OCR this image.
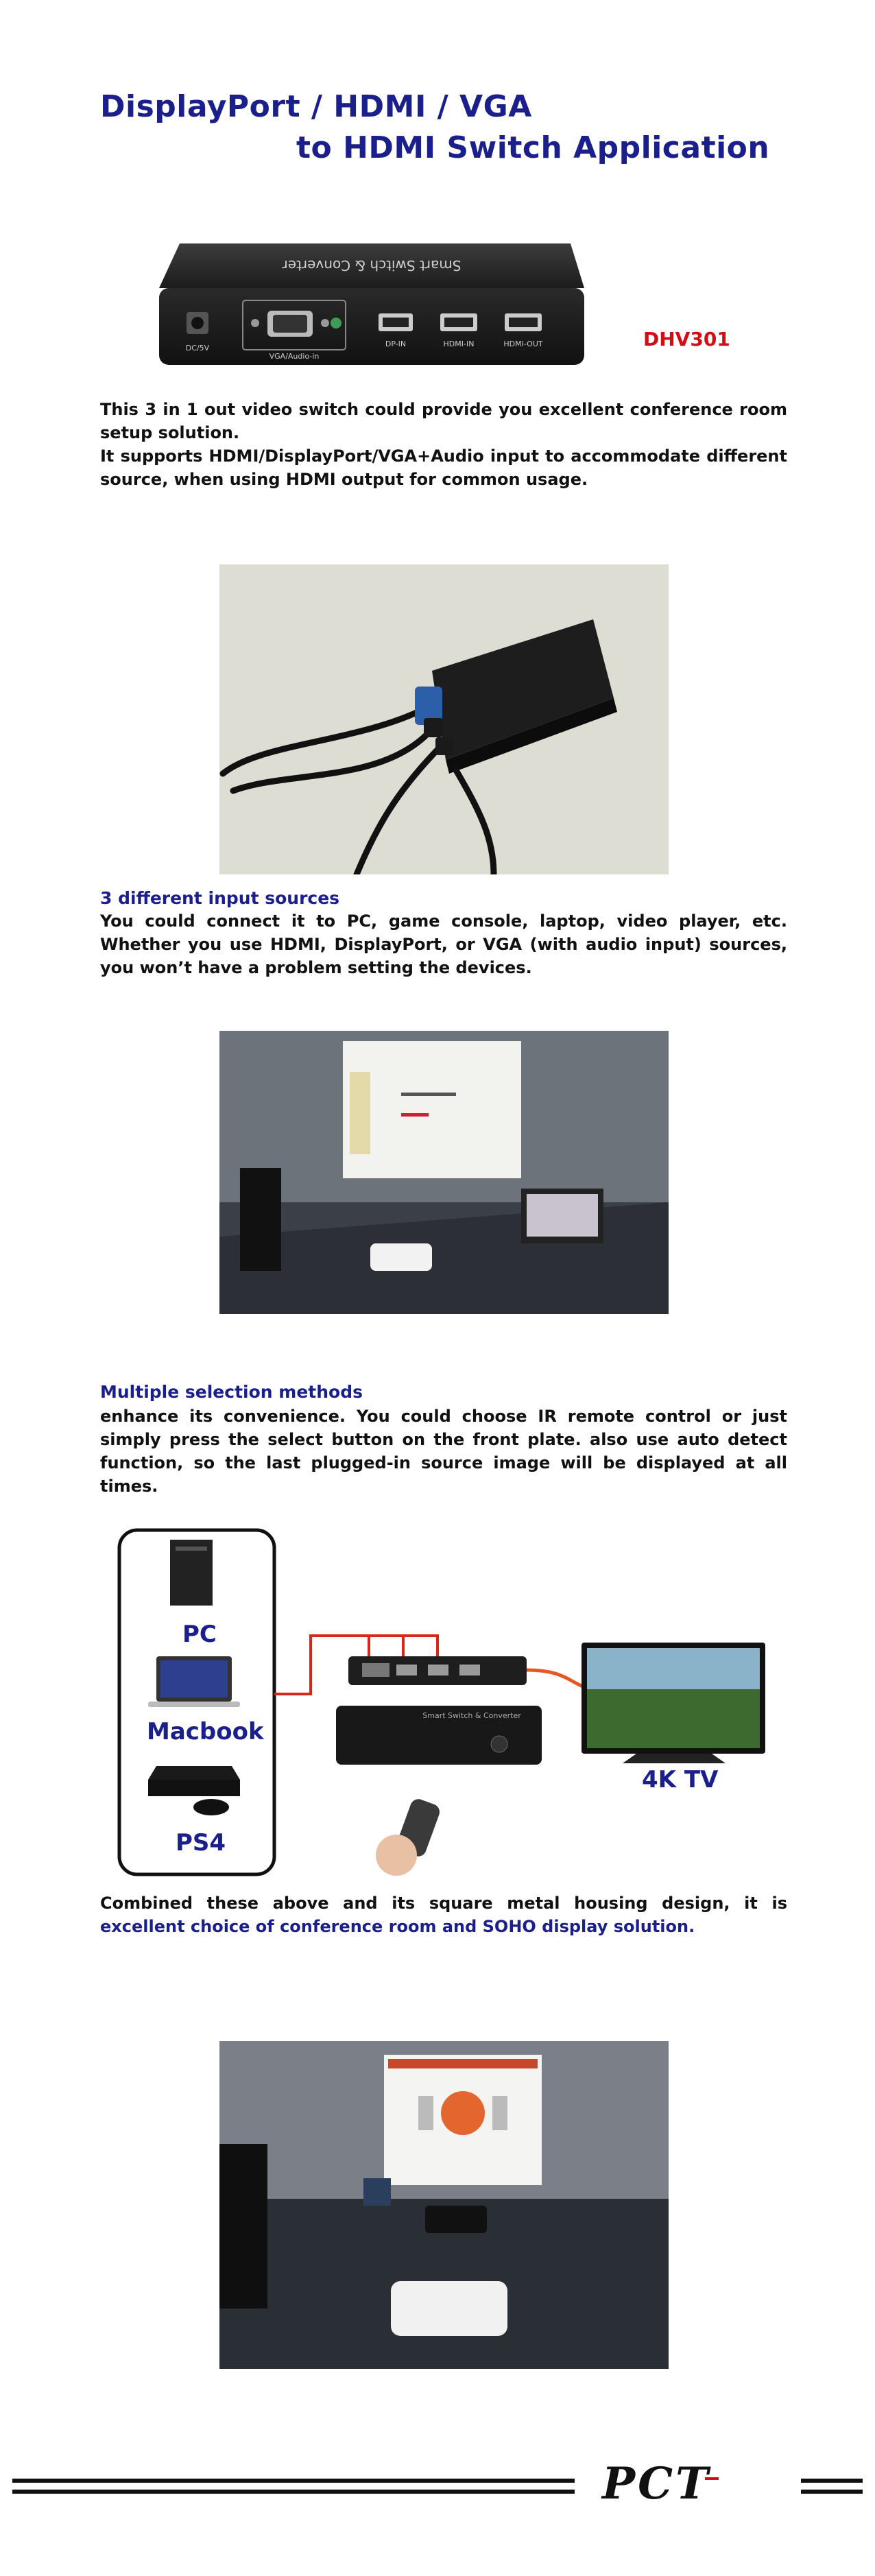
DisplayPort / HDMI / VGA
to HDMI Switch Application
Smart Switch & Converter
DC/5V
VGA/Audio-in
DP-IN	HDMI-IN	HDMI-OUT	DHV301
This 3 in 1 out video switch could provide you excellent conference room setup solution.
It supports HDMI/DisplayPort/VGA+Audio input to accommodate different source, when using HDMI output for common usage.
3 different input sources
You could connect it to PC, game console, laptop, video player, etc. Whether you use HDMI, DisplayPort, or VGA (with audio input) sources, you won’t have a problem setting the devices.
Multiple selection methods
enhance its convenience. You could choose IR remote control or just simply press the select button on the front plate. also use auto detect function, so the last plugged-in source image will be displayed at all times.
Smart Switch & Converter
PC
Macbook
PS4
4K TV
Combined these above and its square metal housing design, it is excellent choice of conference room and SOHO display solution.
PCT
